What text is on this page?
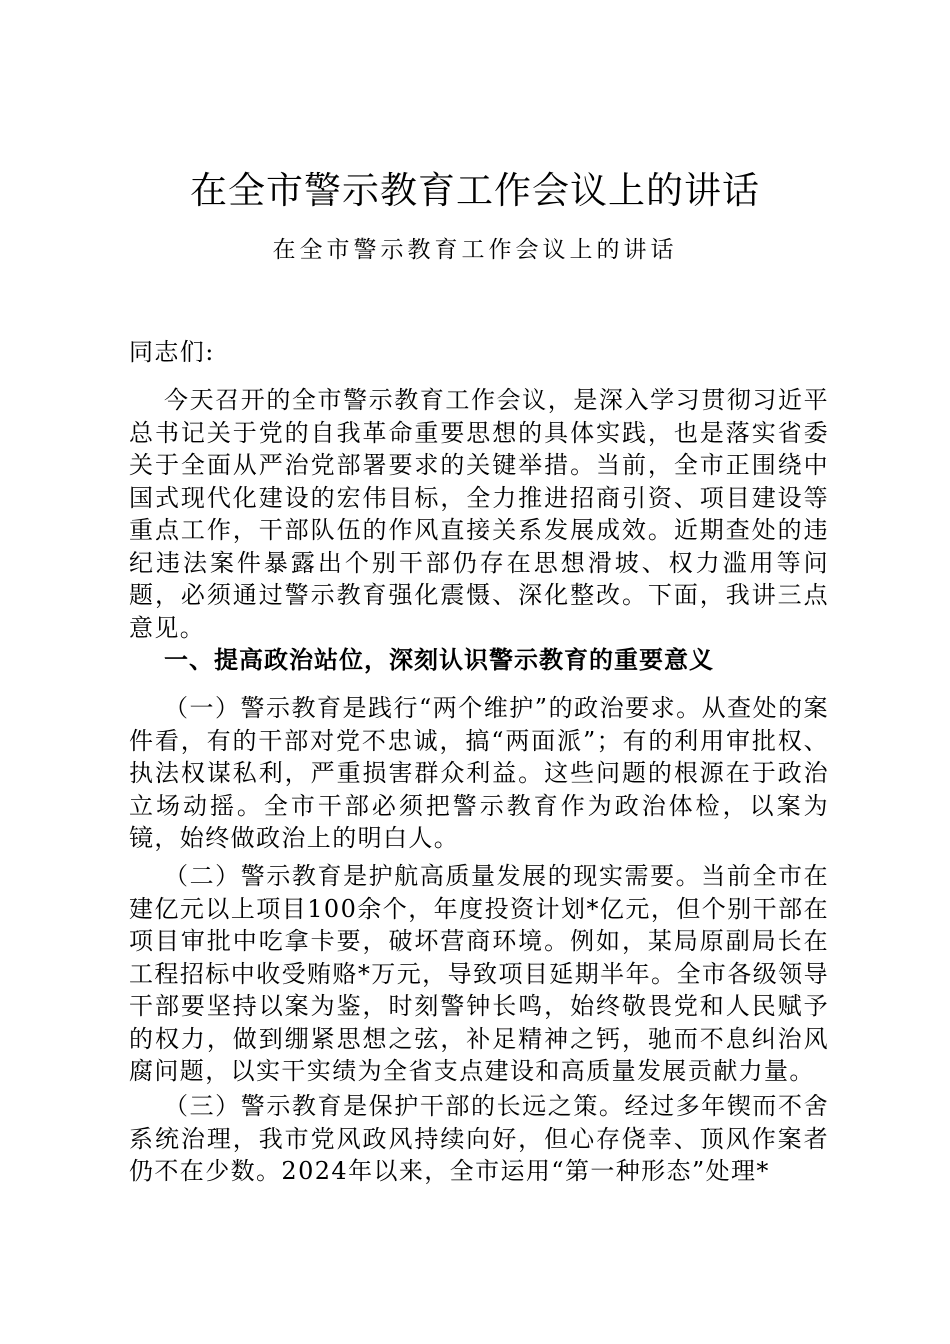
在全市警示教育工作会议上的讲话
在全市警示教育工作会议上的讲话

同志们:

今天召开的全市警示教育工作会议，是深入学习贯彻习近平总书记关于党的自我革命重要思想的具体实践，也是落实省委关于全面从严治党部署要求的关键举措。当前，全市正围绕中国式现代化建设的宏伟目标，全力推进招商引资、项目建设等重点工作，干部队伍的作风直接关系发展成效。近期查处的违纪违法案件暴露出个别干部仍存在思想滑坡、权力滥用等问题，必须通过警示教育强化震慑、深化整改。下面，我讲三点意见。

一、提高政治站位，深刻认识警示教育的重要意义

（一）警示教育是践行“两个维护”的政治要求。从查处的案件看，有的干部对党不忠诚，搞“两面派”；有的利用审批权、执法权谋私利，严重损害群众利益。这些问题的根源在于政治立场动摇。全市干部必须把警示教育作为政治体检，以案为镜，始终做政治上的明白人。

（二）警示教育是护航高质量发展的现实需要。当前全市在建亿元以上项目100余个，年度投资计划*亿元，但个别干部在项目审批中吃拿卡要，破坏营商环境。例如，某局原副局长在工程招标中收受贿赂*万元，导致项目延期半年。全市各级领导干部要坚持以案为鉴，时刻警钟长鸣，始终敬畏党和人民赋予的权力，做到绷紧思想之弦，补足精神之钙，驰而不息纠治风腐问题，以实干实绩为全省支点建设和高质量发展贡献力量。

（三）警示教育是保护干部的长远之策。经过多年锲而不舍系统治理，我市党风政风持续向好，但心存侥幸、顶风作案者仍不在少数。2024年以来，全市运用“第一种形态”处理*
